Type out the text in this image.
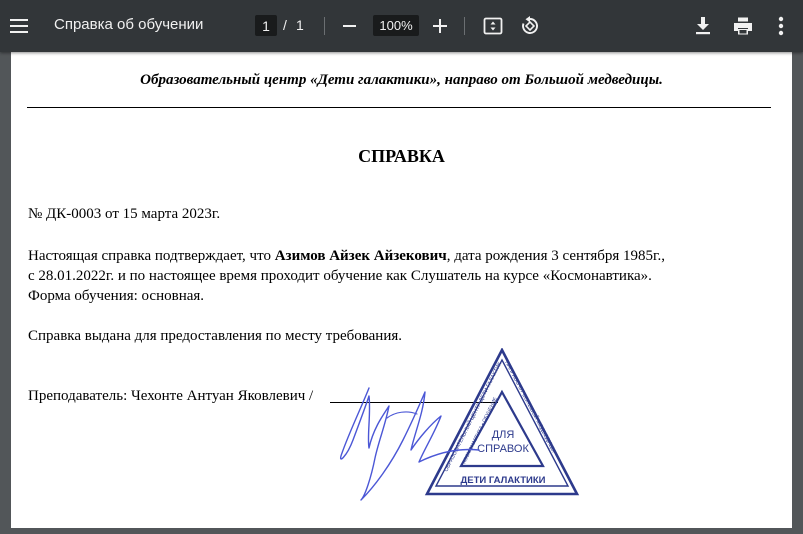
Справка об обучении
1	/ 1
100%
Образовательный центр «Дети галактики», направо от Большой медведицы.
СПРАВКА
№ ДК-0003 от 15 марта 2023г.
Настоящая справка подтверждает, что Азимов Айзек Айзекович, дата рождения 3 сентября 1985г.,
с 28.01.2022г. и по настоящее время проходит обучение как Слушатель на курсе «Космонавтика».
Форма обучения: основная.
Справка выдана для предоставления по месту требования.
Преподаватель: Чехонте Антуан Яковлевич /	/
ОБРАЗОВАТЕЛЬНЫЙ ЦЕНТР ДЕТИ ГАЛАКТИК НАПРАВО ОТ БОЛЬШОЙ МЕДВЕДИЦЫ
КОСМОНАВТИКА • ОБУЧЕНИЕ
ДЛЯ
СПРАВОК
ДЕТИ ГАЛАКТИКИ
